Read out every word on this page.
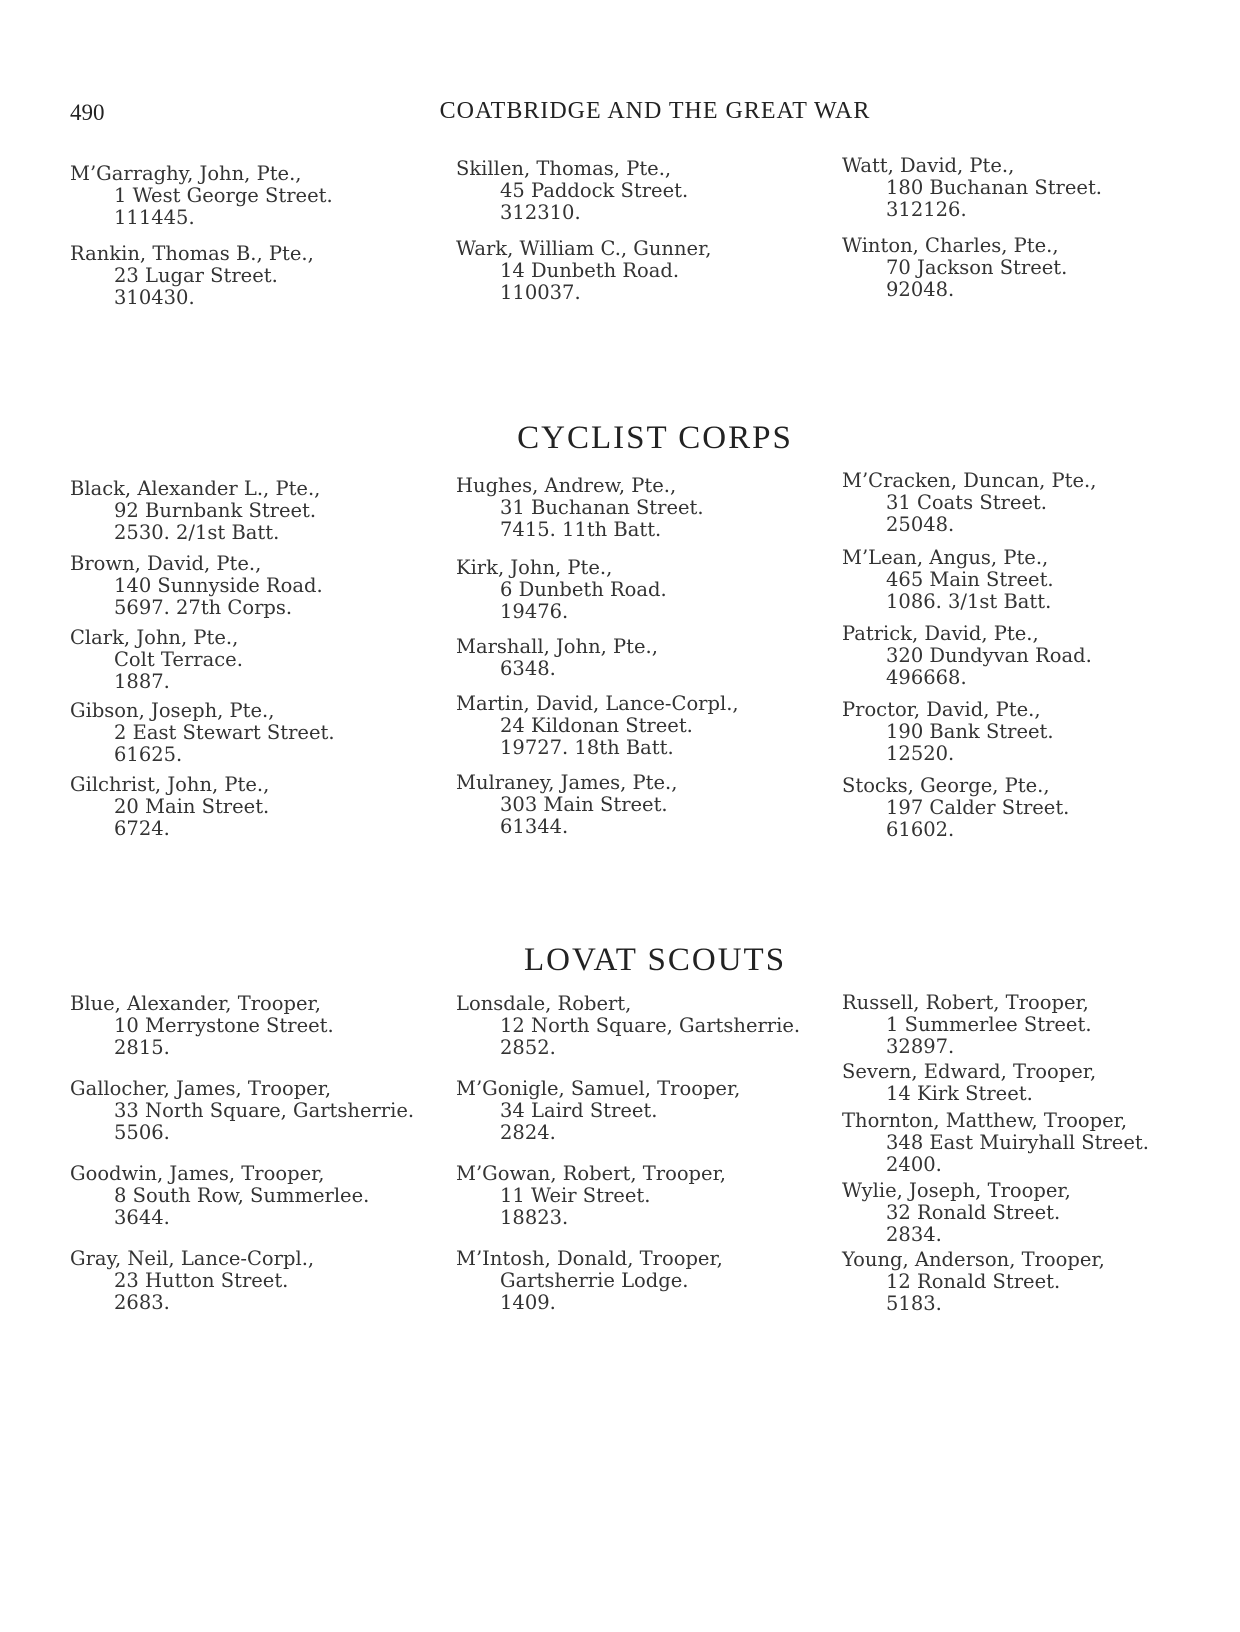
490	COATBRIDGE AND THE GREAT WAR
CYCLIST CORPS
LOVAT SCOUTS
M’Garraghy, John, Pte.,
1 West George Street.
111445.
Rankin, Thomas B., Pte.,
23 Lugar Street.
310430.
Skillen, Thomas, Pte.,
45 Paddock Street.
312310.
Wark, William C., Gunner,
14 Dunbeth Road.
110037.
Watt, David, Pte.,
180 Buchanan Street.
312126.
Winton, Charles, Pte.,
70 Jackson Street.
92048.
Black, Alexander L., Pte.,
92 Burnbank Street.
2530. 2/1st Batt.
Brown, David, Pte.,
140 Sunnyside Road.
5697. 27th Corps.
Clark, John, Pte.,
Colt Terrace.
1887.
Gibson, Joseph, Pte.,
2 East Stewart Street.
61625.
Gilchrist, John, Pte.,
20 Main Street.
6724.
Hughes, Andrew, Pte.,
31 Buchanan Street.
7415. 11th Batt.
Kirk, John, Pte.,
6 Dunbeth Road.
19476.
Marshall, John, Pte.,
6348.
Martin, David, Lance-Corpl.,
24 Kildonan Street.
19727. 18th Batt.
Mulraney, James, Pte.,
303 Main Street.
61344.
M’Cracken, Duncan, Pte.,
31 Coats Street.
25048.
M’Lean, Angus, Pte.,
465 Main Street.
1086. 3/1st Batt.
Patrick, David, Pte.,
320 Dundyvan Road.
496668.
Proctor, David, Pte.,
190 Bank Street.
12520.
Stocks, George, Pte.,
197 Calder Street.
61602.
Blue, Alexander, Trooper,
10 Merrystone Street.
2815.
Gallocher, James, Trooper,
33 North Square, Gartsherrie.
5506.
Goodwin, James, Trooper,
8 South Row, Summerlee.
3644.
Gray, Neil, Lance-Corpl.,
23 Hutton Street.
2683.
Lonsdale, Robert,
12 North Square, Gartsherrie.
2852.
M’Gonigle, Samuel, Trooper,
34 Laird Street.
2824.
M’Gowan, Robert, Trooper,
11 Weir Street.
18823.
M’Intosh, Donald, Trooper,
Gartsherrie Lodge.
1409.
Russell, Robert, Trooper,
1 Summerlee Street.
32897.
Severn, Edward, Trooper,
14 Kirk Street.
Thornton, Matthew, Trooper,
348 East Muiryhall Street.
2400.
Wylie, Joseph, Trooper,
32 Ronald Street.
2834.
Young, Anderson, Trooper,
12 Ronald Street.
5183.
